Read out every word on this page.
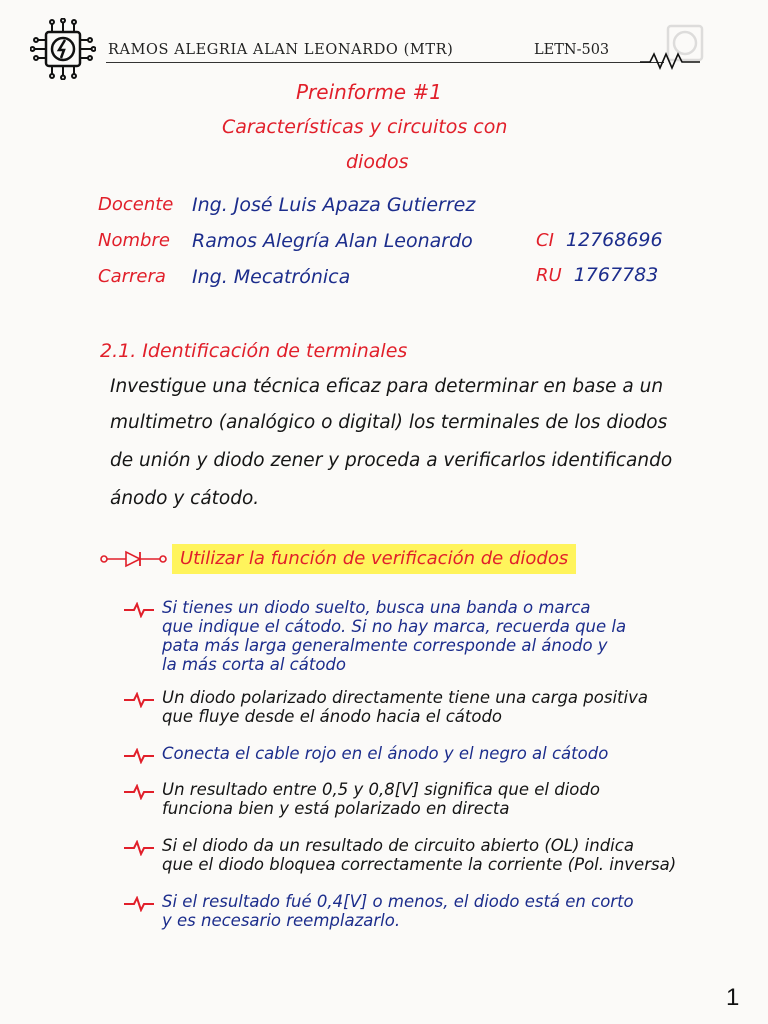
RAMOS ALEGRIA ALAN LEONARDO (MTR)	LETN-503
Preinforme #1
Características y circuitos con
diodos
Docente Ing. José Luis Apaza Gutierrez
Nombre Ramos Alegría Alan Leonardo
Carrera Ing. Mecatrónica
CI 12768696
RU 1767783
2.1. Identificación de terminales
Investigue una técnica eficaz para determinar en base a un
multimetro (analógico o digital) los terminales de los diodos
de unión y diodo zener y proceda a verificarlos identificando
ánodo y cátodo.
Utilizar la función de verificación de diodos
Si tienes un diodo suelto, busca una banda o marca
que indique el cátodo. Si no hay marca, recuerda que la
pata más larga generalmente corresponde al ánodo y
la más corta al cátodo
Un diodo polarizado directamente tiene una carga positiva
que fluye desde el ánodo hacia el cátodo
Conecta el cable rojo en el ánodo y el negro al cátodo
Un resultado entre 0,5 y 0,8[V] significa que el diodo
funciona bien y está polarizado en directa
Si el diodo da un resultado de circuito abierto (OL) indica
que el diodo bloquea correctamente la corriente (Pol. inversa)
Si el resultado fué 0,4[V] o menos, el diodo está en corto
y es necesario reemplazarlo.
1
